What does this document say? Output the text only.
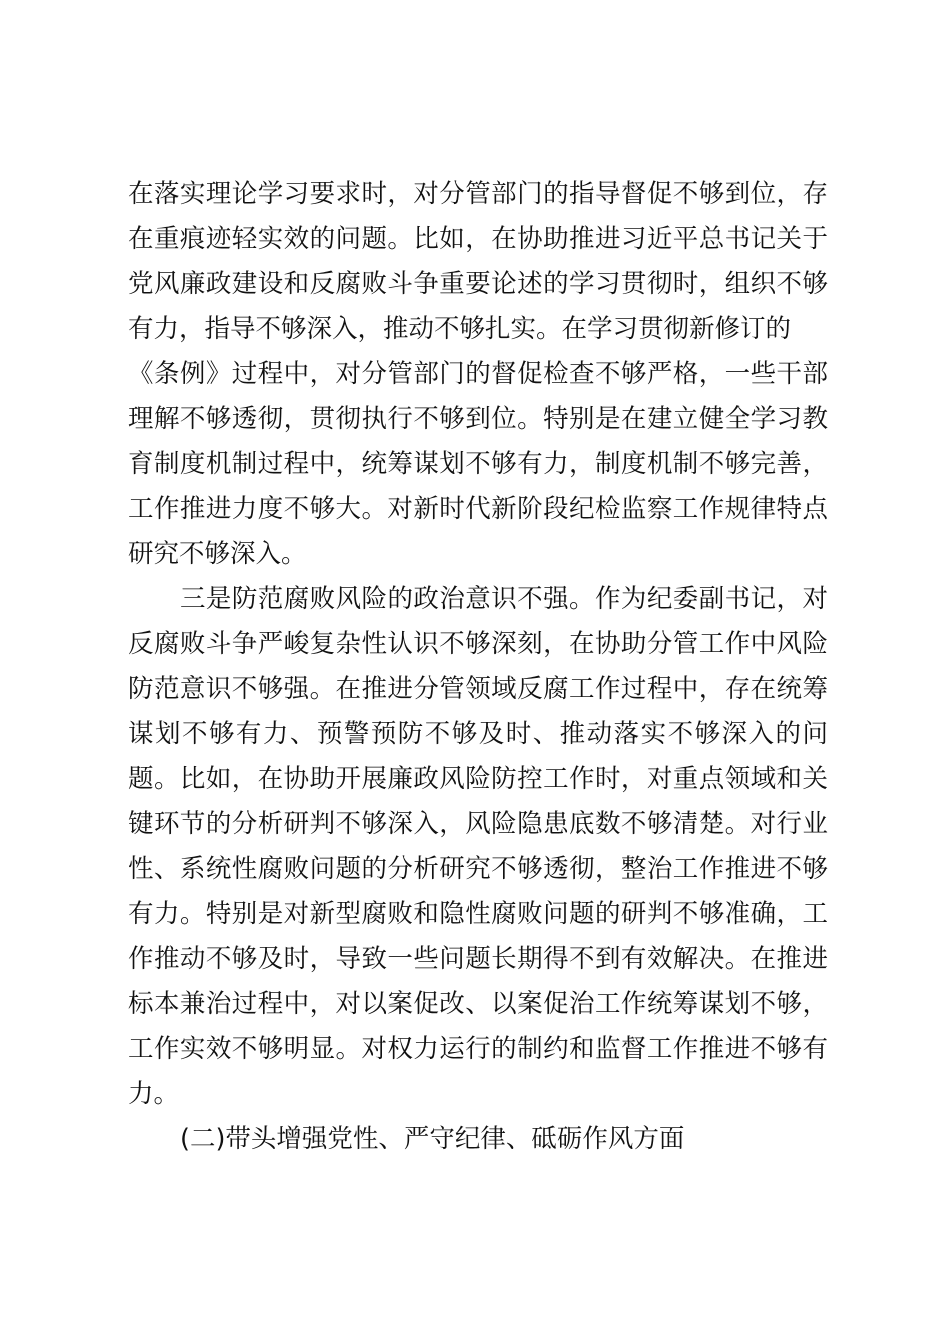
在落实理论学习要求时，对分管部门的指导督促不够到位，存
在重痕迹轻实效的问题。比如，在协助推进习近平总书记关于
党风廉政建设和反腐败斗争重要论述的学习贯彻时，组织不够
有力，指导不够深入，推动不够扎实。在学习贯彻新修订的
《条例》过程中，对分管部门的督促检查不够严格，一些干部
理解不够透彻，贯彻执行不够到位。特别是在建立健全学习教
育制度机制过程中，统筹谋划不够有力，制度机制不够完善，
工作推进力度不够大。对新时代新阶段纪检监察工作规律特点
研究不够深入。
三是防范腐败风险的政治意识不强。作为纪委副书记，对
反腐败斗争严峻复杂性认识不够深刻，在协助分管工作中风险
防范意识不够强。在推进分管领域反腐工作过程中，存在统筹
谋划不够有力、预警预防不够及时、推动落实不够深入的问
题。比如，在协助开展廉政风险防控工作时，对重点领域和关
键环节的分析研判不够深入，风险隐患底数不够清楚。对行业
性、系统性腐败问题的分析研究不够透彻，整治工作推进不够
有力。特别是对新型腐败和隐性腐败问题的研判不够准确，工
作推动不够及时，导致一些问题长期得不到有效解决。在推进
标本兼治过程中，对以案促改、以案促治工作统筹谋划不够，
工作实效不够明显。对权力运行的制约和监督工作推进不够有
力。
(二)带头增强党性、严守纪律、砥砺作风方面
